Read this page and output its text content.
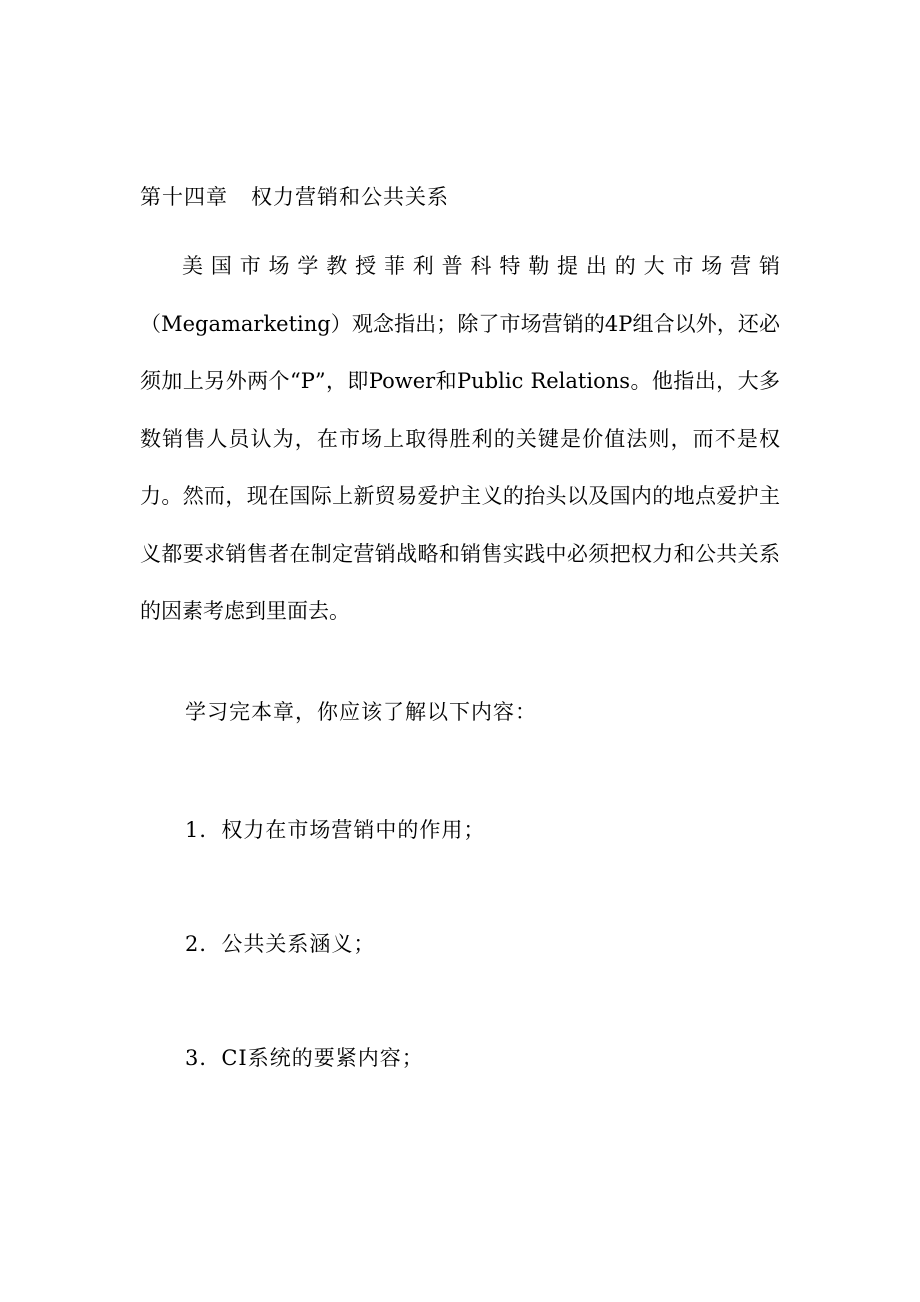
第十四章   权力营销和公共关系

美国市场学教授菲利普科特勒提出的大市场营销（Megamarketing）观念指出；除了市场营销的4P组合以外，还必须加上另外两个“P”，即Power和Public Relations。他指出，大多数销售人员认为，在市场上取得胜利的关键是价值法则，而不是权力。然而，现在国际上新贸易爱护主义的抬头以及国内的地点爱护主义都要求销售者在制定营销战略和销售实践中必须把权力和公共关系的因素考虑到里面去。

学习完本章，你应该了解以下内容：
1．权力在市场营销中的作用；
2．公共关系涵义；
3．CI系统的要紧内容；
